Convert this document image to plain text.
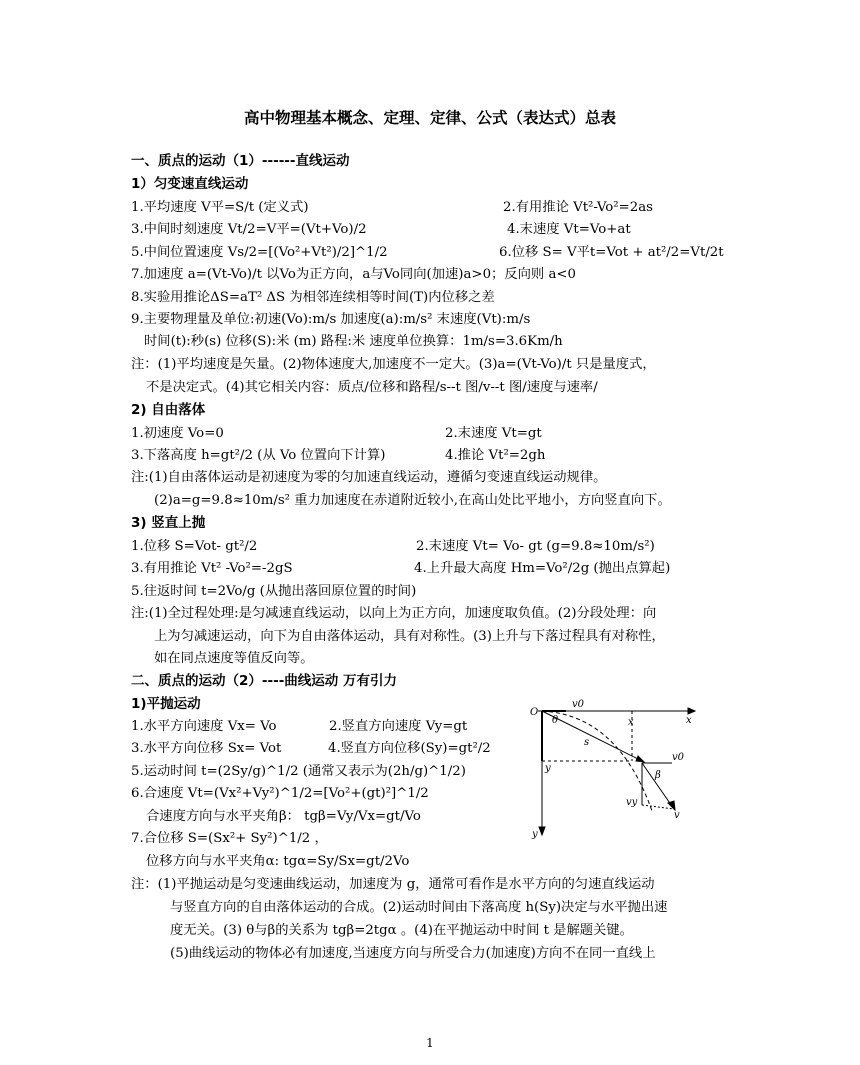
高中物理基本概念、定理、定律、公式（表达式）总表
一、质点的运动（1）------直线运动
1）匀变速直线运动
1.平均速度 V平=S/t (定义式)	2.有用推论 Vt²-Vo²=2as
3.中间时刻速度 Vt/2=V平=(Vt+Vo)/2	4.末速度 Vt=Vo+at
5.中间位置速度 Vs/2=[(Vo²+Vt²)/2]^1/2	6.位移 S= V平t=Vot + at²/2=Vt/2t
7.加速度 a=(Vt-Vo)/t 以Vo为正方向，a与Vo同向(加速)a>0；反向则 a<0
8.实验用推论ΔS=aT² ΔS 为相邻连续相等时间(T)内位移之差
9.主要物理量及单位:初速(Vo):m/s 加速度(a):m/s² 末速度(Vt):m/s
时间(t):秒(s) 位移(S):米 (m) 路程:米 速度单位换算：1m/s=3.6Km/h
注：(1)平均速度是矢量。(2)物体速度大,加速度不一定大。(3)a=(Vt-Vo)/t 只是量度式，
不是决定式。(4)其它相关内容：质点/位移和路程/s--t 图/v--t 图/速度与速率/
2) 自由落体
1.初速度 Vo=0	2.末速度 Vt=gt
3.下落高度 h=gt²/2 (从 Vo 位置向下计算)	4.推论 Vt²=2gh
注:(1)自由落体运动是初速度为零的匀加速直线运动，遵循匀变速直线运动规律。
(2)a=g=9.8≈10m/s² 重力加速度在赤道附近较小,在高山处比平地小，方向竖直向下。
3) 竖直上抛
1.位移 S=Vot- gt²/2	2.末速度 Vt= Vo- gt (g=9.8≈10m/s²)
3.有用推论 Vt² -Vo²=-2gS	4.上升最大高度 Hm=Vo²/2g (抛出点算起)
5.往返时间 t=2Vo/g (从抛出落回原位置的时间)
注:(1)全过程处理:是匀减速直线运动，以向上为正方向，加速度取负值。(2)分段处理：向
上为匀减速运动，向下为自由落体运动，具有对称性。(3)上升与下落过程具有对称性，
如在同点速度等值反向等。
二、质点的运动（2）----曲线运动 万有引力
1)平抛运动
1.水平方向速度 Vx= Vo	2.竖直方向速度 Vy=gt
3.水平方向位移 Sx= Vot	4.竖直方向位移(Sy)=gt²/2
5.运动时间 t=(2Sy/g)^1/2 (通常又表示为(2h/g)^1/2)
6.合速度 Vt=(Vx²+Vy²)^1/2=[Vo²+(gt)²]^1/2
合速度方向与水平夹角β： tgβ=Vy/Vx=gt/Vo
7.合位移 S=(Sx²+ Sy²)^1/2 ，
位移方向与水平夹角α: tgα=Sy/Sx=gt/2Vo
注：(1)平抛运动是匀变速曲线运动，加速度为 g，通常可看作是水平方向的匀速直线运动
与竖直方向的自由落体运动的合成。(2)运动时间由下落高度 h(Sy)决定与水平抛出速
度无关。(3) θ与β的关系为 tgβ=2tgα 。(4)在平抛运动中时间 t 是解题关键。
(5)曲线运动的物体必有加速度,当速度方向与所受合力(加速度)方向不在同一直线上
O
v0
x	x
θ
s
y
y
v0
β
vy
v
1
